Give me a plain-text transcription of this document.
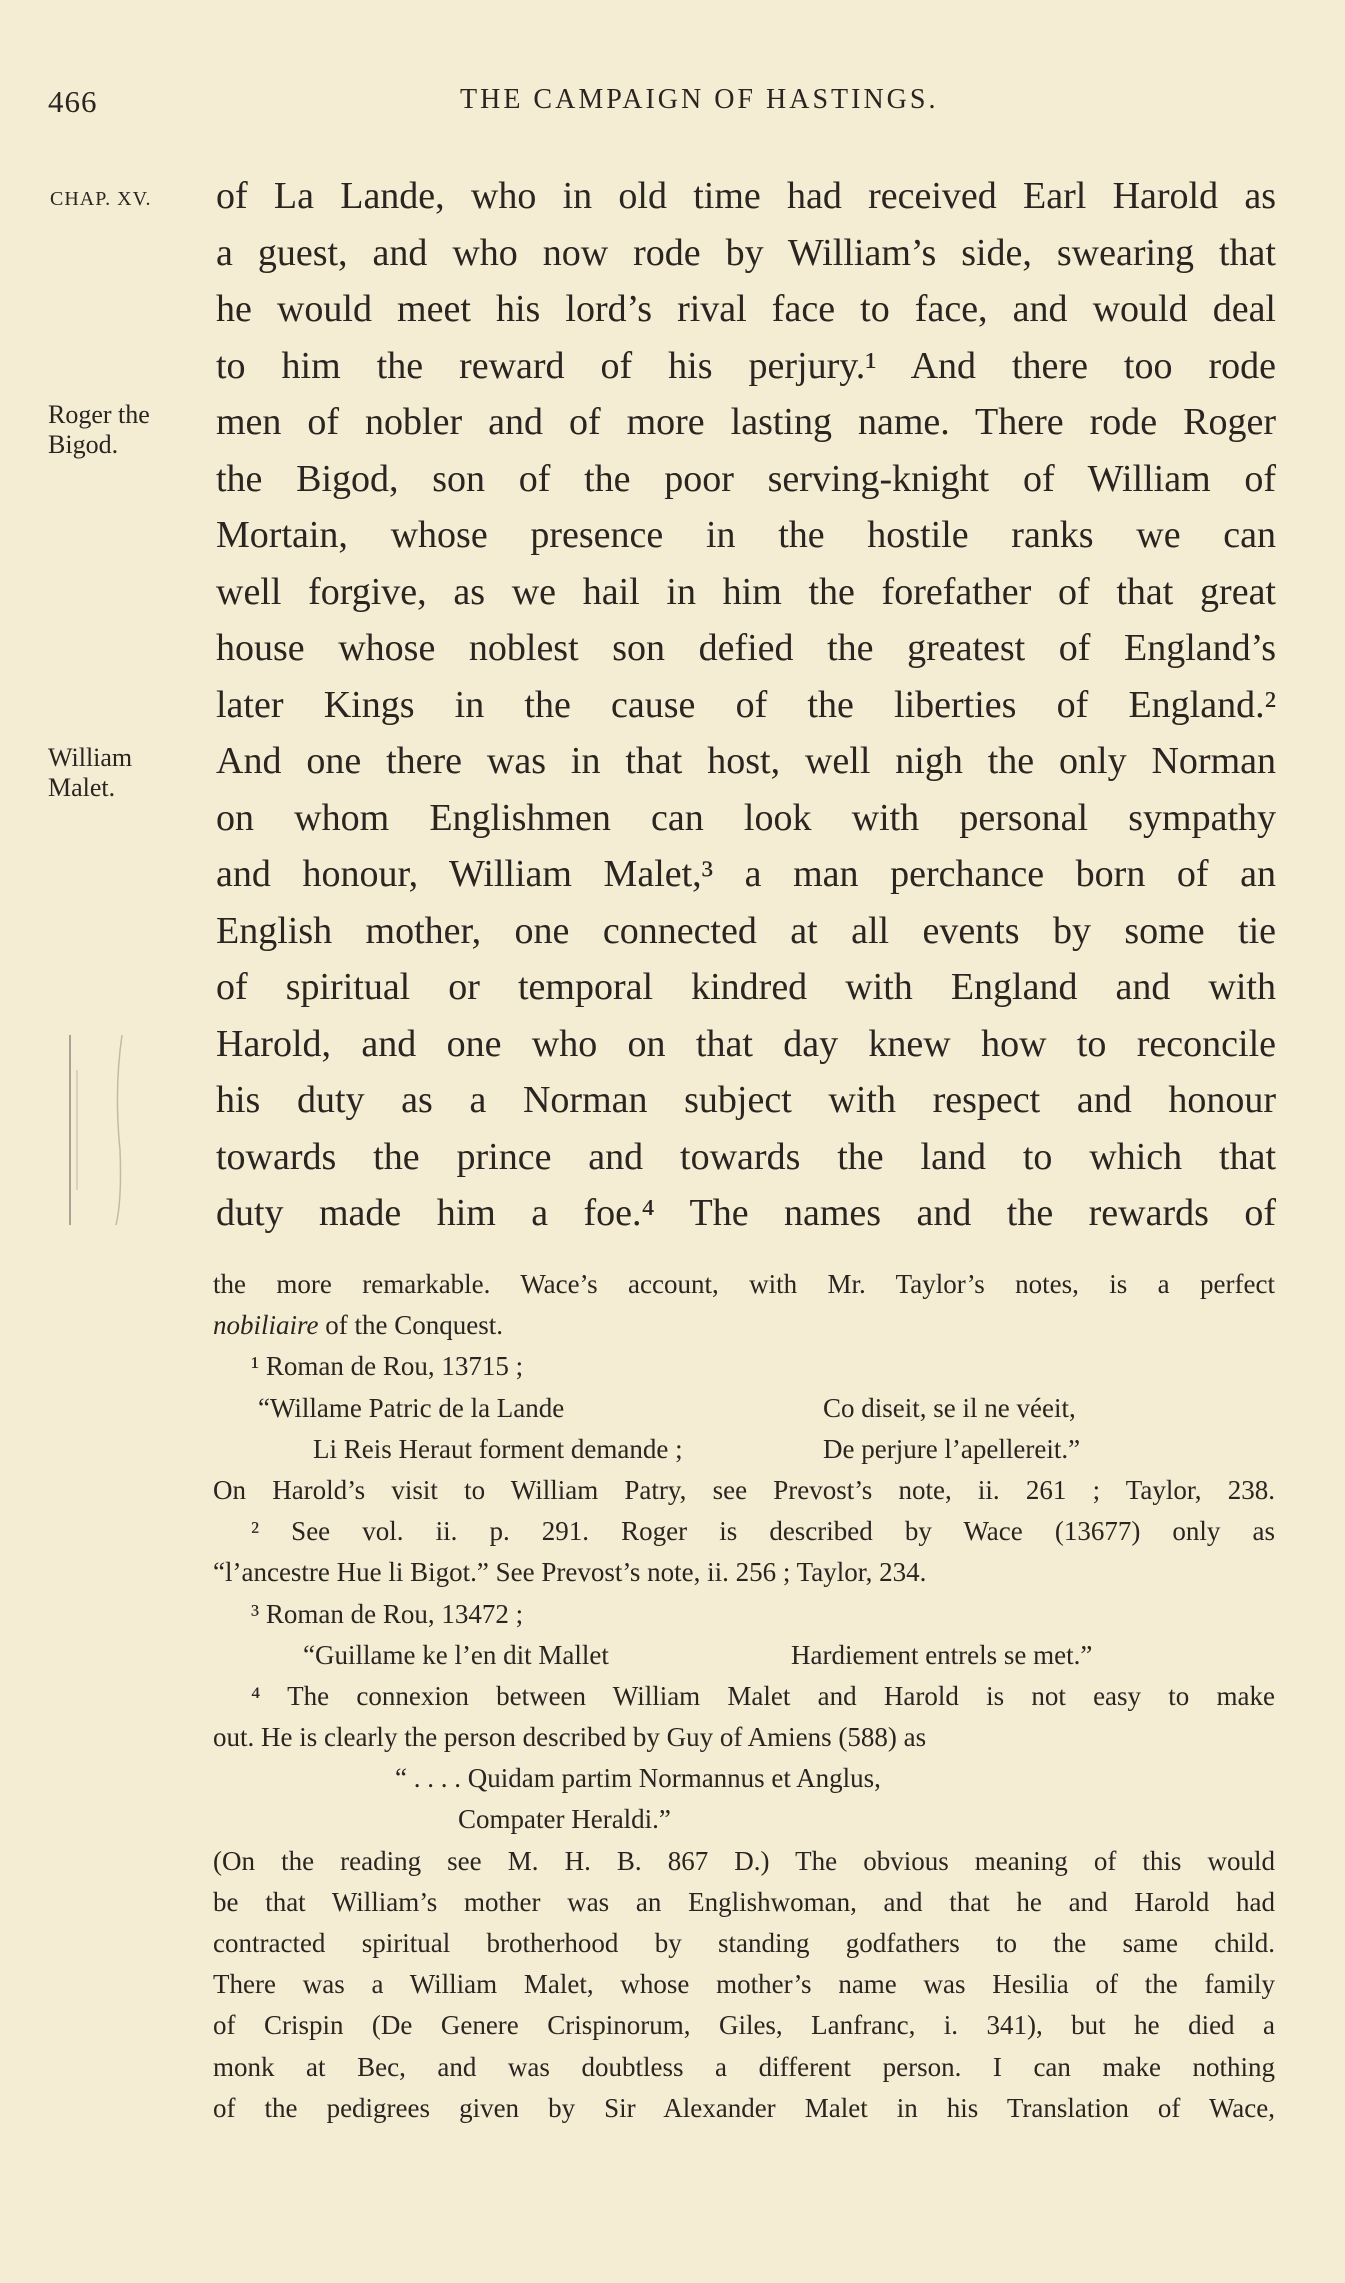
466	THE CAMPAIGN OF HASTINGS.
CHAP. XV.
Roger the
Bigod.
William
Malet.
of La Lande, who in old time had received Earl Harold as
a guest, and who now rode by William’s side, swearing that
he would meet his lord’s rival face to face, and would deal
to him the reward of his perjury.¹ And there too rode
men of nobler and of more lasting name. There rode Roger
the Bigod, son of the poor serving-knight of William of
Mortain, whose presence in the hostile ranks we can
well forgive, as we hail in him the forefather of that great
house whose noblest son defied the greatest of England’s
later Kings in the cause of the liberties of England.²
And one there was in that host, well nigh the only Norman
on whom Englishmen can look with personal sympathy
and honour, William Malet,³ a man perchance born of an
English mother, one connected at all events by some tie
of spiritual or temporal kindred with England and with
Harold, and one who on that day knew how to reconcile
his duty as a Norman subject with respect and honour
towards the prince and towards the land to which that
duty made him a foe.⁴ The names and the rewards of
the more remarkable. Wace’s account, with Mr. Taylor’s notes, is a perfect
nobiliaire of the Conquest.
¹ Roman de Rou, 13715 ;
“Willame Patric de la Lande	Co diseit, se il ne véeit,
Li Reis Heraut forment demande ;	De perjure l’apellereit.”
On Harold’s visit to William Patry, see Prevost’s note, ii. 261 ; Taylor, 238.
² See vol. ii. p. 291. Roger is described by Wace (13677) only as
“l’ancestre Hue li Bigot.” See Prevost’s note, ii. 256 ; Taylor, 234.
³ Roman de Rou, 13472 ;
“Guillame ke l’en dit Mallet	Hardiement entrels se met.”
⁴ The connexion between William Malet and Harold is not easy to make
out. He is clearly the person described by Guy of Amiens (588) as
“ . . . . Quidam partim Normannus et Anglus,
Compater Heraldi.”
(On the reading see M. H. B. 867 D.) The obvious meaning of this would
be that William’s mother was an Englishwoman, and that he and Harold had
contracted spiritual brotherhood by standing godfathers to the same child.
There was a William Malet, whose mother’s name was Hesilia of the family
of Crispin (De Genere Crispinorum, Giles, Lanfranc, i. 341), but he died a
monk at Bec, and was doubtless a different person. I can make nothing
of the pedigrees given by Sir Alexander Malet in his Translation of Wace,
